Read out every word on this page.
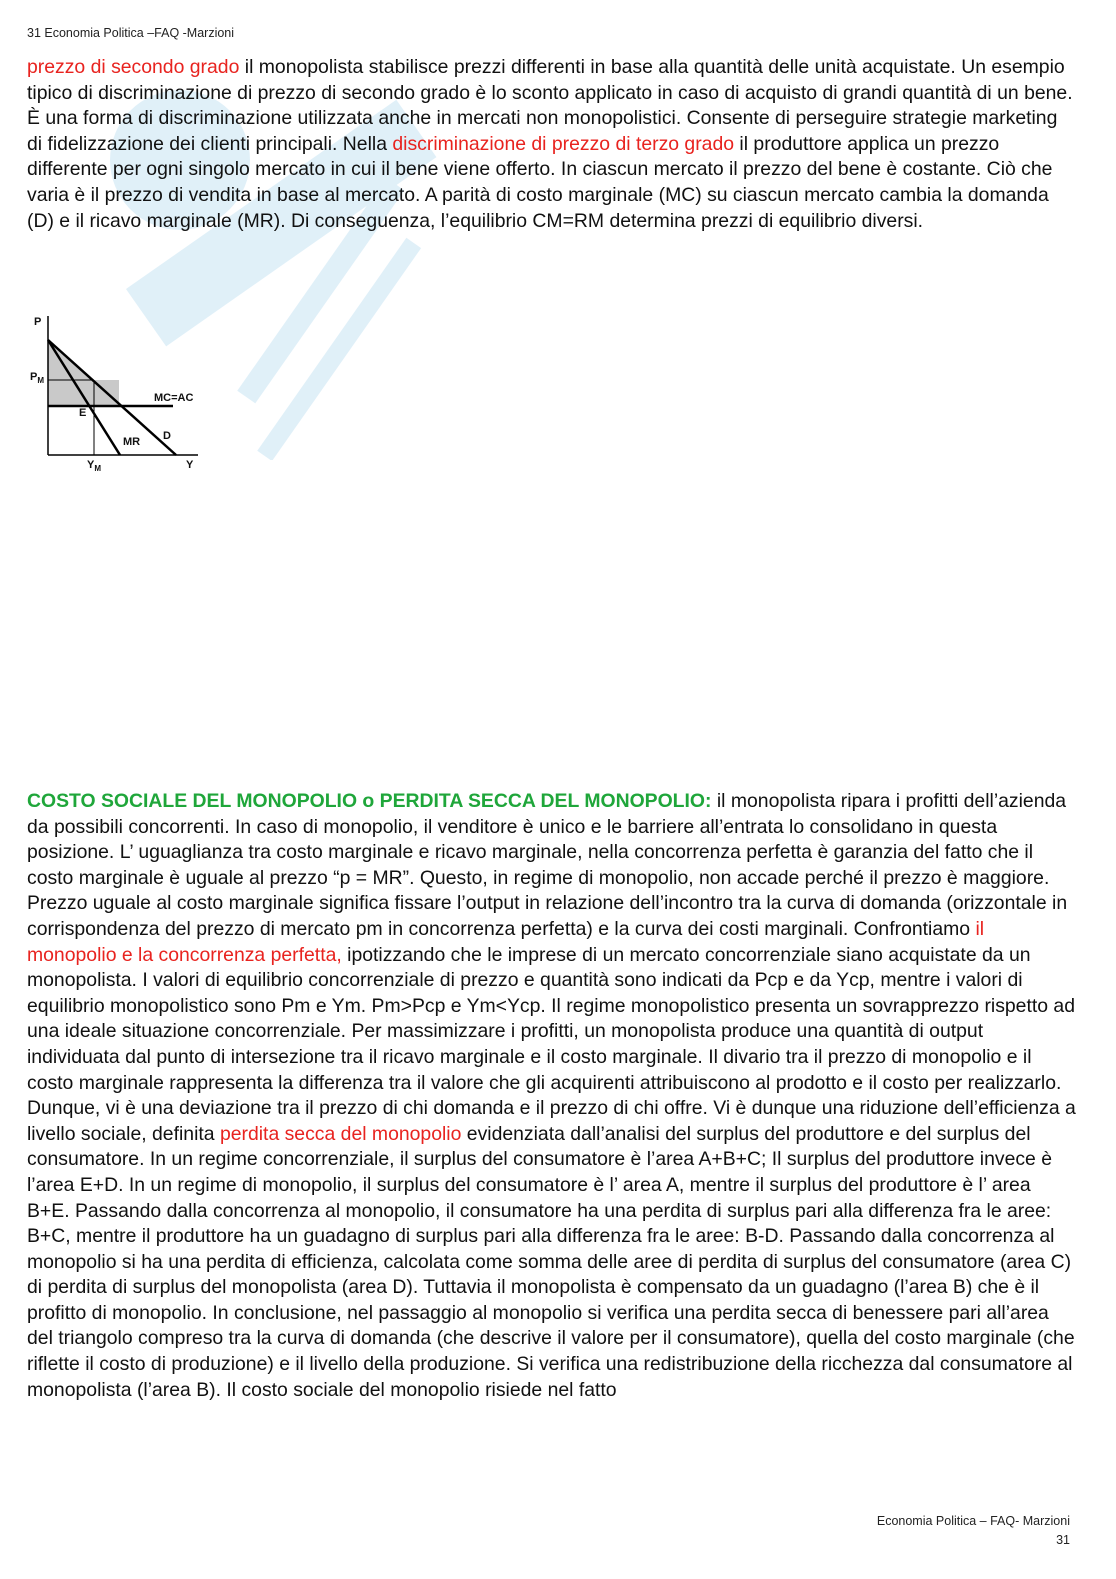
31 Economia Politica –FAQ -Marzioni

prezzo di secondo grado il monopolista stabilisce prezzi differenti in base alla quantità delle unità acquistate. Un esempio tipico di discriminazione di prezzo di secondo grado è lo sconto applicato in caso di acquisto di grandi quantità di un bene. È una forma di discriminazione utilizzata anche in mercati non monopolistici. Consente di perseguire strategie marketing di fidelizzazione dei clienti principali. Nella discriminazione di prezzo di terzo grado il produttore applica un prezzo differente per ogni singolo mercato in cui il bene viene offerto. In ciascun mercato il prezzo del bene è costante. Ciò che varia è il prezzo di vendita in base al mercato. A parità di costo marginale (MC) su ciascun mercato cambia la domanda (D) e il ricavo marginale (MR). Di conseguenza, l’equilibrio CM=RM determina prezzi di equilibrio diversi.

P
$P_M$
MC=AC
E
MR D
$Y_M$	Y

COSTO SOCIALE DEL MONOPOLIO o PERDITA SECCA DEL MONOPOLIO: il monopolista ripara i profitti dell’azienda da possibili concorrenti. In caso di monopolio, il venditore è unico e le barriere all’entrata lo consolidano in questa posizione. L’ uguaglianza tra costo marginale e ricavo marginale, nella concorrenza perfetta è garanzia del fatto che il costo marginale è uguale al prezzo “p = MR”. Questo, in regime di monopolio, non accade perché il prezzo è maggiore. Prezzo uguale al costo marginale significa fissare l’output in relazione dell’incontro tra la curva di domanda (orizzontale in corrispondenza del prezzo di mercato pm in concorrenza perfetta) e la curva dei costi marginali. Confrontiamo il monopolio e la concorrenza perfetta, ipotizzando che le imprese di un mercato concorrenziale siano acquistate da un monopolista. I valori di equilibrio concorrenziale di prezzo e quantità sono indicati da Pcp e da Ycp, mentre i valori di equilibrio monopolistico sono Pm e Ym. Pm>Pcp e Ym<Ycp. Il regime monopolistico presenta un sovrapprezzo rispetto ad una ideale situazione concorrenziale. Per massimizzare i profitti, un monopolista produce una quantità di output individuata dal punto di intersezione tra il ricavo marginale e il costo marginale. Il divario tra il prezzo di monopolio e il costo marginale rappresenta la differenza tra il valore che gli acquirenti attribuiscono al prodotto e il costo per realizzarlo. Dunque, vi è una deviazione tra il prezzo di chi domanda e il prezzo di chi offre. Vi è dunque una riduzione dell’efficienza a livello sociale, definita perdita secca del monopolio evidenziata dall’analisi del surplus del produttore e del surplus del consumatore. In un regime concorrenziale, il surplus del consumatore è l’area A+B+C; Il surplus del produttore invece è l’area E+D. In un regime di monopolio, il surplus del consumatore è l’ area A, mentre il surplus del produttore è l’ area B+E. Passando dalla concorrenza al monopolio, il consumatore ha una perdita di surplus pari alla differenza fra le aree: B+C, mentre il produttore ha un guadagno di surplus pari alla differenza fra le aree: B-D. Passando dalla concorrenza al monopolio si ha una perdita di efficienza, calcolata come somma delle aree di perdita di surplus del consumatore (area C) di perdita di surplus del monopolista (area D). Tuttavia il monopolista è compensato da un guadagno (l’area B) che è il profitto di monopolio. In conclusione, nel passaggio al monopolio si verifica una perdita secca di benessere pari all’area del triangolo compreso tra la curva di domanda (che descrive il valore per il consumatore), quella del costo marginale (che riflette il costo di produzione) e il livello della produzione. Si verifica una redistribuzione della ricchezza dal consumatore al monopolista (l’area B). Il costo sociale del monopolio risiede nel fatto

Economia Politica – FAQ- Marzioni
31
